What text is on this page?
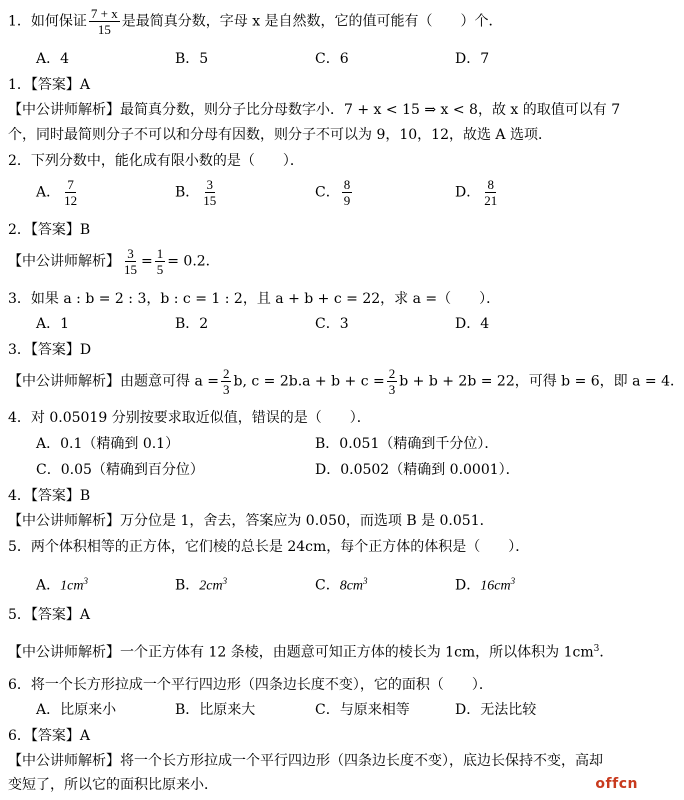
1．如何保证 $\frac{7 + x}{15}$ 是最简真分数，字母 x 是自然数，它的值可能有（　　）个．
A．4	B．5	C．6	D．7
1．【答案】A
【中公讲师解析】最简真分数，则分子比分母数字小．7 + x < 15 ⇒ x < 8，故 x 的取值可以有 7
个，同时最简则分子不可以和分母有因数，则分子不可以为 9，10，12，故选 A 选项．
2．下列分数中，能化成有限小数的是（　　）．
A． $\frac{7}{12}$	B． $\frac{3}{15}$	C． $\frac{8}{9}$	D． $\frac{8}{21}$
2．【答案】B
【中公讲师解析】 $\frac{3}{15} = \frac{1}{5} = 0.2$．
3．如果 a : b = 2 : 3，b : c = 1 : 2，且 a + b + c = 22，求 a =（　　）．
A．1	B．2	C．3	D．4
3．【答案】D
【中公讲师解析】由题意可得 $a = \frac{2}{3} b$, $c = 2b.a + b + c = \frac{2}{3}$ b + b + 2b = 22，可得 b = 6，即 a = 4．
4．对 0.05019 分别按要求取近似值，错误的是（　　）．
A．0.1（精确到 0.1）	B．0.051（精确到千分位）．
C．0.05（精确到百分位）	D．0.0502（精确到 0.0001）．
4．【答案】B
【中公讲师解析】万分位是 1，舍去，答案应为 0.050，而选项 B 是 0.051．
5．两个体积相等的正方体，它们棱的总长是 24cm，每个正方体的体积是（　　）．
A．$1cm^3$	B．$2cm^3$	C．$8cm^3$	D．$16cm^3$
5．【答案】A
【中公讲师解析】一个正方体有 12 条棱，由题意可知正方体的棱长为 1cm，所以体积为 $1cm^3$．
6．将一个长方形拉成一个平行四边形（四条边长度不变），它的面积（　　）．
A．比原来小	B．比原来大	C．与原来相等	D．无法比较
6．【答案】A
【中公讲师解析】将一个长方形拉成一个平行四边形（四条边长度不变），底边长保持不变，高却
变短了，所以它的面积比原来小．	offcn
